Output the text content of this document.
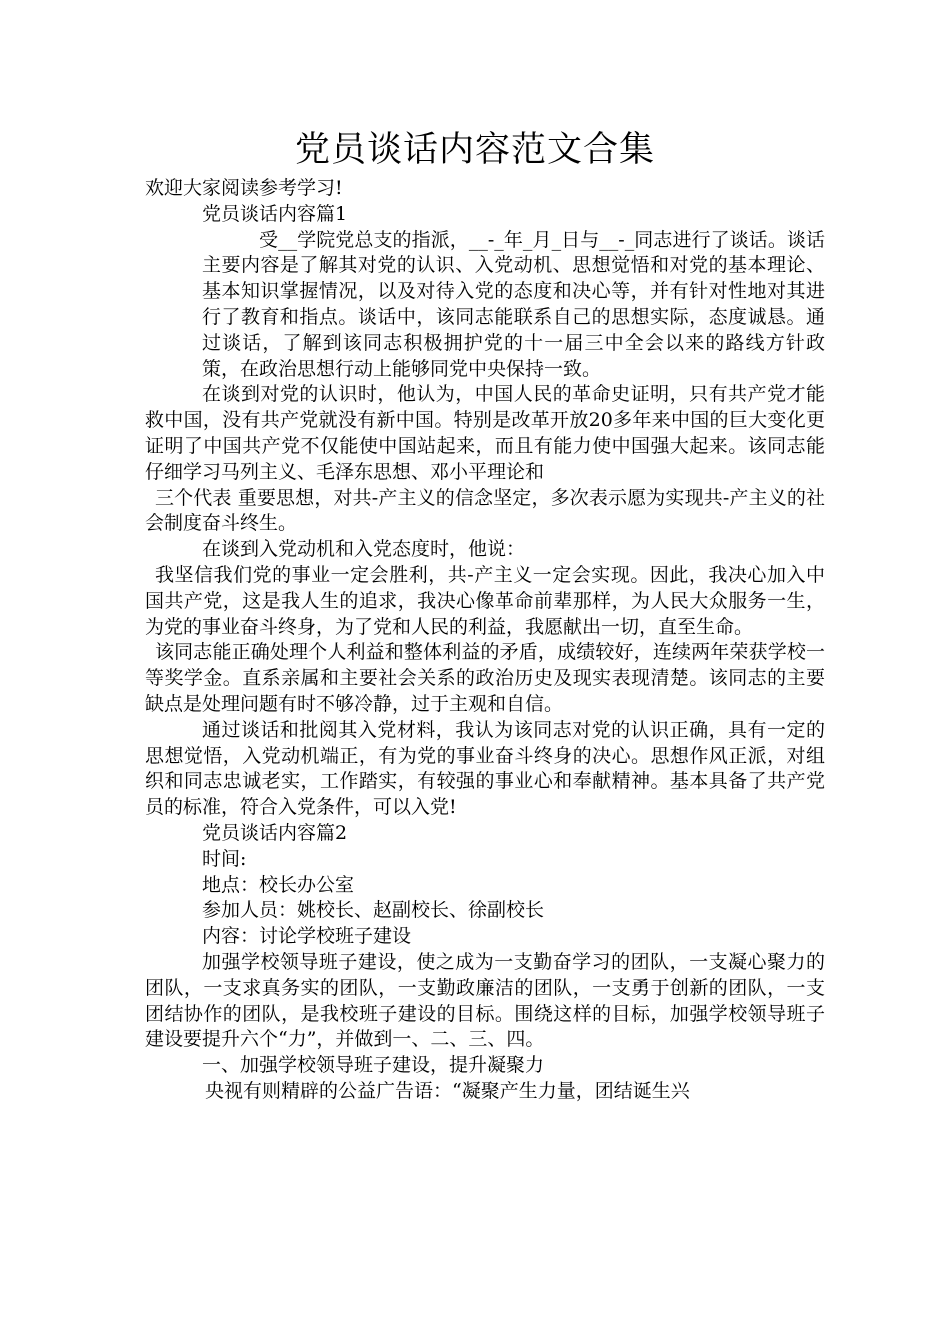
党员谈话内容范文合集

欢迎大家阅读参考学习!

党员谈话内容篇1

受__学院党总支的指派，__-_年_月_日与__-_同志进行了谈话。谈话主要内容是了解其对党的认识、入党动机、思想觉悟和对党的基本理论、基本知识掌握情况，以及对待入党的态度和决心等，并有针对性地对其进行了教育和指点。谈话中，该同志能联系自己的思想实际，态度诚恳。通过谈话，了解到该同志积极拥护党的十一届三中全会以来的路线方针政策，在政治思想行动上能够同党中央保持一致。

在谈到对党的认识时，他认为，中国人民的革命史证明，只有共产党才能救中国，没有共产党就没有新中国。特别是改革开放20多年来中国的巨大变化更证明了中国共产党不仅能使中国站起来，而且有能力使中国强大起来。该同志能仔细学习马列主义、毛泽东思想、邓小平理论和

三个代表 重要思想，对共-产主义的信念坚定，多次表示愿为实现共-产主义的社会制度奋斗终生。

在谈到入党动机和入党态度时，他说：

我坚信我们党的事业一定会胜利，共-产主义一定会实现。因此，我决心加入中国共产党，这是我人生的追求，我决心像革命前辈那样，为人民大众服务一生，为党的事业奋斗终身，为了党和人民的利益，我愿献出一切，直至生命。

该同志能正确处理个人利益和整体利益的矛盾，成绩较好，连续两年荣获学校一等奖学金。直系亲属和主要社会关系的政治历史及现实表现清楚。该同志的主要缺点是处理问题有时不够冷静，过于主观和自信。

通过谈话和批阅其入党材料，我认为该同志对党的认识正确，具有一定的思想觉悟，入党动机端正，有为党的事业奋斗终身的决心。思想作风正派，对组织和同志忠诚老实，工作踏实，有较强的事业心和奉献精神。基本具备了共产党员的标准，符合入党条件，可以入党!

党员谈话内容篇2

时间:

地点：校长办公室

参加人员：姚校长、赵副校长、徐副校长

内容：讨论学校班子建设

加强学校领导班子建设，使之成为一支勤奋学习的团队，一支凝心聚力的团队，一支求真务实的团队，一支勤政廉洁的团队，一支勇于创新的团队，一支团结协作的团队，是我校班子建设的目标。围绕这样的目标，加强学校领导班子建设要提升六个“力”，并做到一、二、三、四。

一、加强学校领导班子建设，提升凝聚力

央视有则精辟的公益广告语：“凝聚产生力量，团结诞生兴
